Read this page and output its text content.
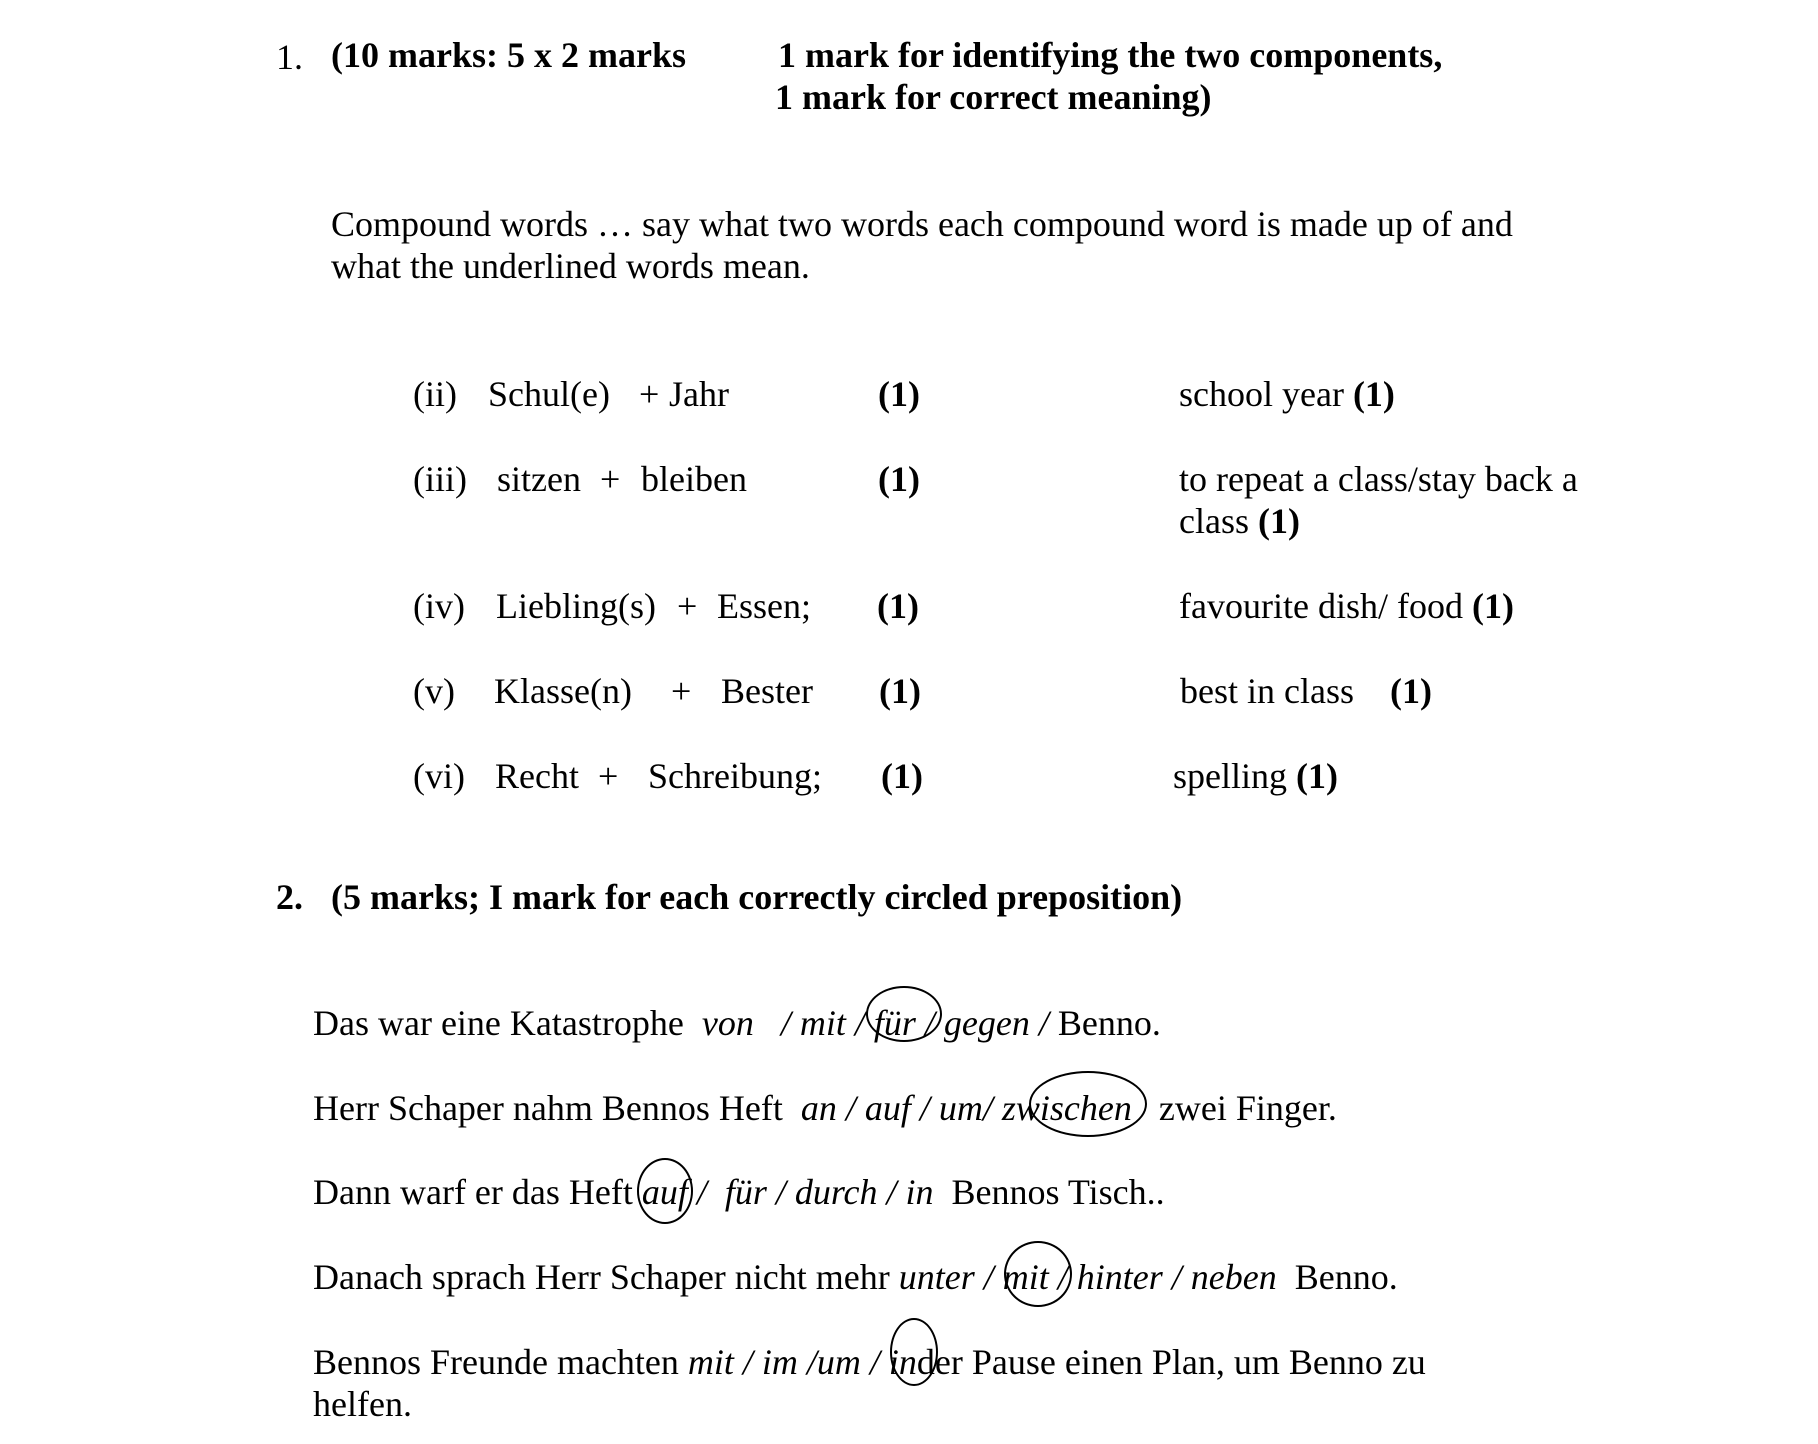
1. (10 marks: 5 x 2 marks	1 mark for identifying the two components,
1 mark for correct meaning)
Compound words … say what two words each compound word is made up of and
what the underlined words mean.
(ii) Schul(e) + Jahr	(1)	school year (1)
(iii) sitzen + bleiben	(1)	to repeat a class/stay back a
class (1)
(iv) Liebling(s) + Essen; (1)	favourite dish/ food (1)
(v) Klasse(n) + Bester (1)	best in class (1)
(vi) Recht + Schreibung; (1)	spelling (1)
2. (5 marks; I mark for each correctly circled preposition)
Das war eine Katastrophe von   / mit / für / gegen / Benno.
Herr Schaper nahm Bennos Heft an / auf / um/ zwischen zwei Finger.
Dann warf er das Heft auf /  für / durch / in Bennos Tisch..
Danach sprach Herr Schaper nicht mehr unter / mit / hinter / neben Benno.
Bennos Freunde machten mit / im /um / inder Pause einen Plan, um Benno zu
helfen.
